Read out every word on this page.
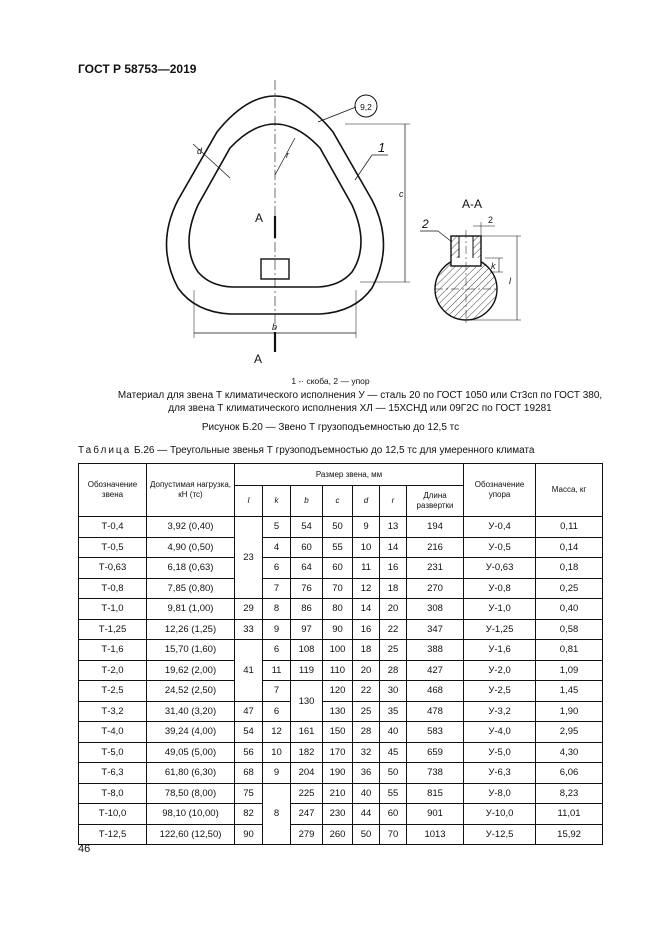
ГОСТ Р 58753—2019
9,2
1
d	r
c
b
A
A
А-А
2	2
k
l
1 -· скоба, 2 — упор
Материал для звена Т климатического исполнения У — сталь 20 по ГОСТ 1050 или Ст3сп по ГОСТ 380,
для звена Т климатического исполнения ХЛ — 15ХСНД или 09Г2С по ГОСТ 19281
Рисунок Б.20 — Звено Т грузоподъемностью до 12,5 тс
Таблица Б.26 — Треугольные звенья Т грузоподъемностью до 12,5 тс для умеренного климата
Обозначение звена	Допустимая нагрузка, кН (тс)	Размер звена, мм							Обозначение упора	Масса, кг
		l	k	b	c	d	r	Длина развертки		
Т-0,4	3,92 (0,40)	23	5	54	50	9	13	194	У-0,4	0,11
Т-0,5	4,90 (0,50)		4	60	55	10	14	216	У-0,5	0,14
Т-0,63	6,18 (0,63)		6	64	60	11	16	231	У-0,63	0,18
Т-0,8	7,85 (0,80)		7	76	70	12	18	270	У-0,8	0,25
Т-1,0	9,81 (1,00)	29	8	86	80	14	20	308	У-1,0	0,40
Т-1,25	12,26 (1,25)	33	9	97	90	16	22	347	У-1,25	0,58
Т-1,6	15,70 (1,60)	41	6	108	100	18	25	388	У-1,6	0,81
Т-2,0	19,62 (2,00)		11	119	110	20	28	427	У-2,0	1,09
Т-2,5	24,52 (2,50)		7	130	120	22	30	468	У-2,5	1,45
Т-3,2	31,40 (3,20)	47	6		130	25	35	478	У-3,2	1,90
Т-4,0	39,24 (4,00)	54	12	161	150	28	40	583	У-4,0	2,95
Т-5,0	49,05 (5,00)	56	10	182	170	32	45	659	У-5,0	4,30
Т-6,3	61,80 (6,30)	68	9	204	190	36	50	738	У-6,3	6,06
Т-8,0	78,50 (8,00)	75	8	225	210	40	55	815	У-8,0	8,23
Т-10,0	98,10 (10,00)	82		247	230	44	60	901	У-10,0	11,01
Т-12,5	122,60 (12,50)	90		279	260	50	70	1013	У-12,5	15,92
46
